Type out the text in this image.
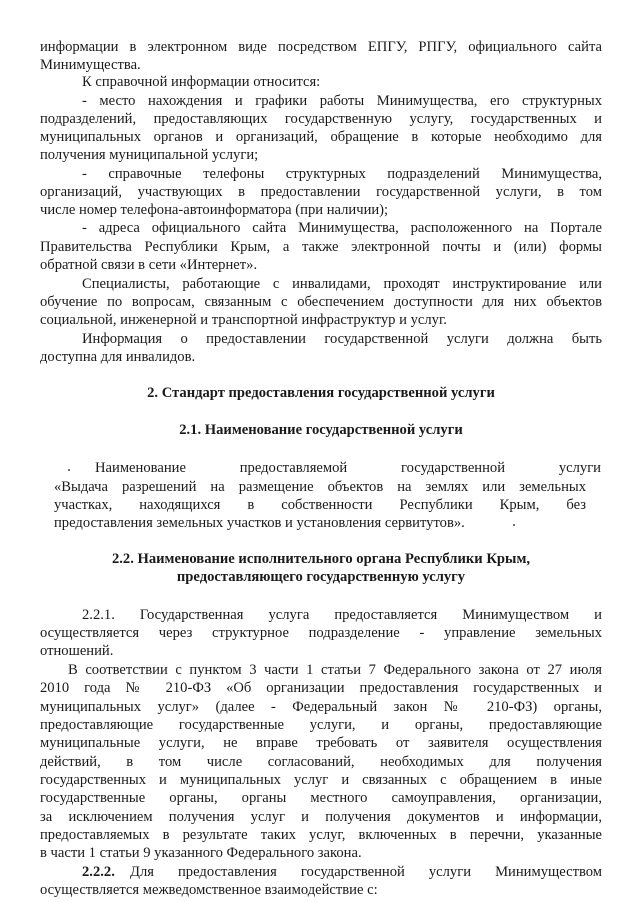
информации в электронном виде посредством ЕПГУ, РПГУ, официального сайта
Минимущества.
К справочной информации относится:
- место нахождения и графики работы Минимущества, его структурных
подразделений, предоставляющих государственную услугу, государственных и
муниципальных органов и организаций, обращение в которые необходимо для
получения муниципальной услуги;
- справочные телефоны структурных подразделений Минимущества,
организаций, участвующих в предоставлении государственной услуги, в том
числе номер телефона-автоинформатора (при наличии);
- адреса официального сайта Минимущества, расположенного на Портале
Правительства Республики Крым, а также электронной почты и (или) формы
обратной связи в сети «Интернет».
Специалисты, работающие с инвалидами, проходят инструктирование или
обучение по вопросам, связанным с обеспечением доступности для них объектов
социальной, инженерной и транспортной инфраструктур и услуг.
Информация о предоставлении государственной услуги должна быть
доступна для инвалидов.
2. Стандарт предоставления государственной услуги
2.1. Наименование государственной услуги
Наименование предоставляемой государственной услуги
«Выдача разрешений на размещение объектов на землях или земельных
участках, находящихся в собственности Республики Крым, без
предоставления земельных участков и установления сервитутов».
2.2. Наименование исполнительного органа Республики Крым,
предоставляющего государственную услугу
2.2.1. Государственная услуга предоставляется Минимуществом и
осуществляется через структурное подразделение - управление земельных
отношений.
В соответствии с пунктом 3 части 1 статьи 7 Федерального закона от 27 июля
2010 года № 210-ФЗ «Об организации предоставления государственных и
муниципальных услуг» (далее - Федеральный закон № 210-ФЗ) органы,
предоставляющие государственные услуги, и органы, предоставляющие
муниципальные услуги, не вправе требовать от заявителя осуществления
действий, в том числе согласований, необходимых для получения
государственных и муниципальных услуг и связанных с обращением в иные
государственные органы, органы местного самоуправления, организации,
за исключением получения услуг и получения документов и информации,
предоставляемых в результате таких услуг, включенных в перечни, указанные
в части 1 статьи 9 указанного Федерального закона.
2.2.2. Для предоставления государственной услуги Минимуществом
осуществляется межведомственное взаимодействие с:
